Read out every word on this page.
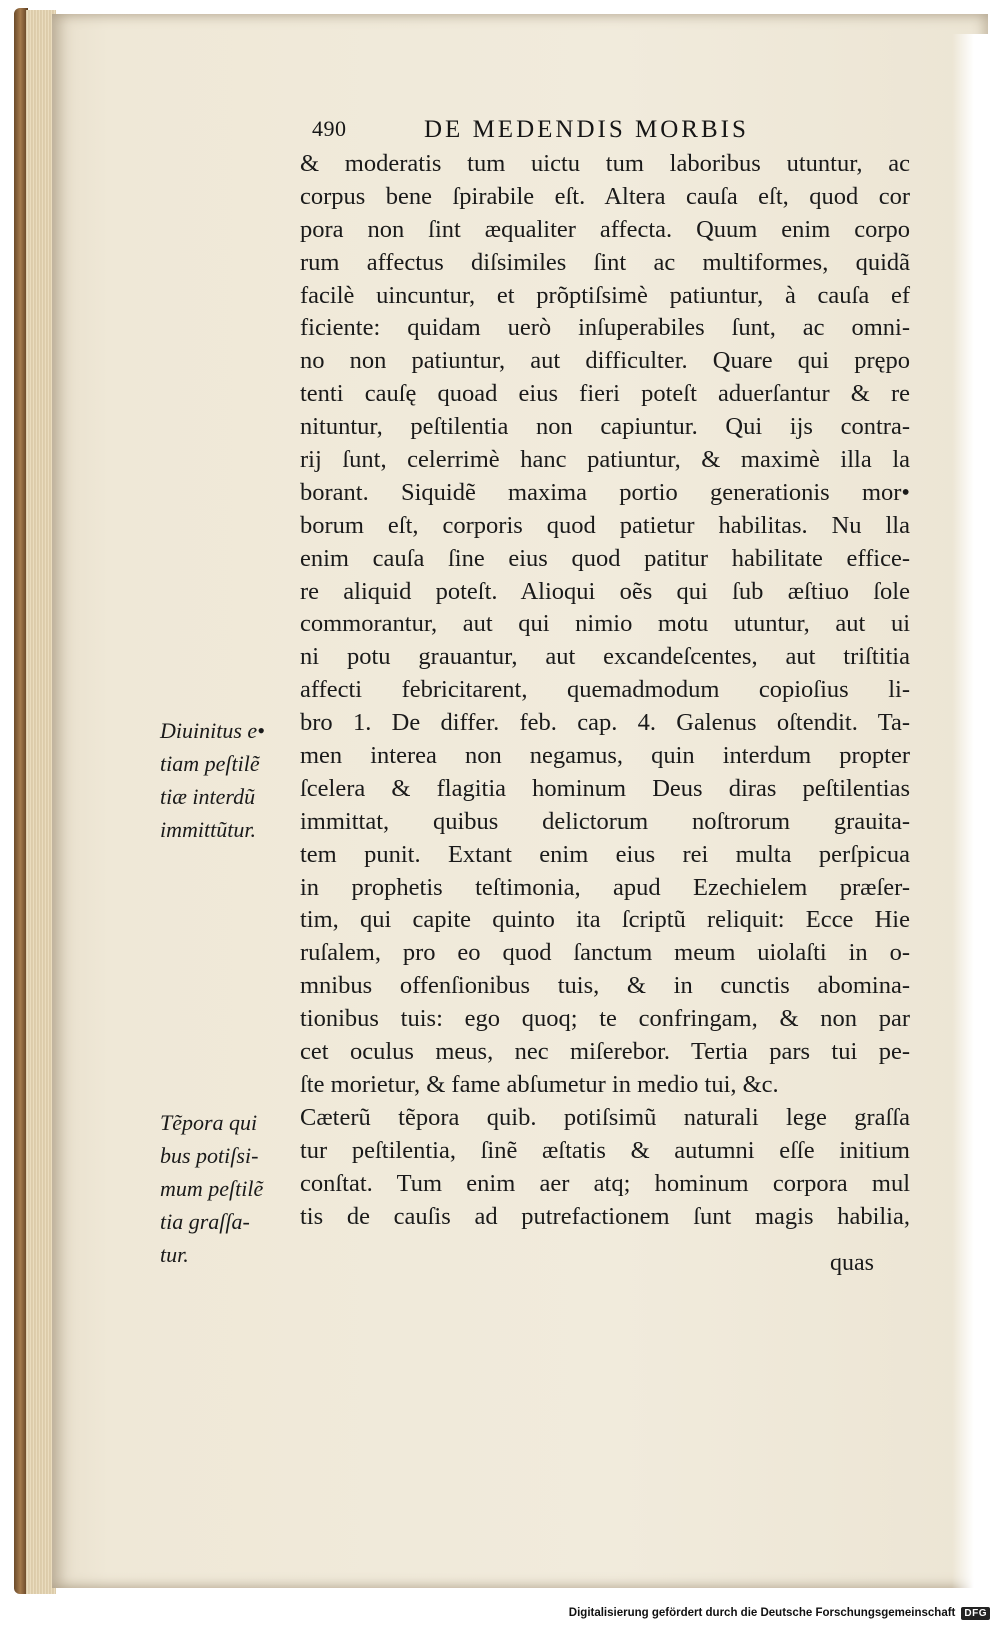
490	DE MEDENDIS MORBIS
& moderatis tum uictu tum laboribus utuntur, ac
corpus bene ſpirabile eſt. Altera cauſa eſt, quod cor
pora non ſint æqualiter affecta. Quum enim corpo
rum affectus diſsimiles ſint ac multiformes, quidã
facilè uincuntur, et prõptiſsimè patiuntur, à cauſa ef
ficiente: quidam uerò inſuperabiles ſunt, ac omni-
no non patiuntur, aut difficulter. Quare qui prępo
tenti cauſę quoad eius fieri poteſt aduerſantur & re
nituntur, peſtilentia non capiuntur. Qui ijs contra-
rij ſunt, celerrimè hanc patiuntur, & maximè illa la
borant. Siquidẽ maxima portio generationis mor•
borum eſt, corporis quod patietur habilitas. Nu lla
enim cauſa ſine eius quod patitur habilitate effice-
re aliquid poteſt. Alioqui oẽs qui ſub æſtiuo ſole
commorantur, aut qui nimio motu utuntur, aut ui
ni potu grauantur, aut excandeſcentes, aut triſtitia
affecti febricitarent, quemadmodum copioſius li-
bro 1. De differ. feb. cap. 4. Galenus oſtendit. Ta-
men interea non negamus, quin interdum propter
ſcelera & flagitia hominum Deus diras peſtilentias
immittat, quibus delictorum noſtrorum grauita-
tem punit. Extant enim eius rei multa perſpicua
in prophetis teſtimonia, apud Ezechielem præſer-
tim, qui capite quinto ita ſcriptũ reliquit: Ecce Hie
ruſalem, pro eo quod ſanctum meum uiolaſti in o-
mnibus offenſionibus tuis, & in cunctis abomina-
tionibus tuis: ego quoq; te confringam, & non par
cet oculus meus, nec miſerebor. Tertia pars tui pe-
ſte morietur, & fame abſumetur in medio tui, &c.
Cæterũ tẽpora quib. potiſsimũ naturali lege graſſa
tur peſtilentia, ſinẽ æſtatis & autumni eſſe initium
conſtat. Tum enim aer atq; hominum corpora mul
tis de cauſis ad putrefactionem ſunt magis habilia,
Diuinitus e•
tiam peſtilẽ
tiæ interdũ
immittũtur.
Tẽpora qui
bus potiſsi-
mum peſtilẽ
tia graſſa-
tur.	quas
Digitalisierung gefördert durch die Deutsche Forschungsgemeinschaft DFG
